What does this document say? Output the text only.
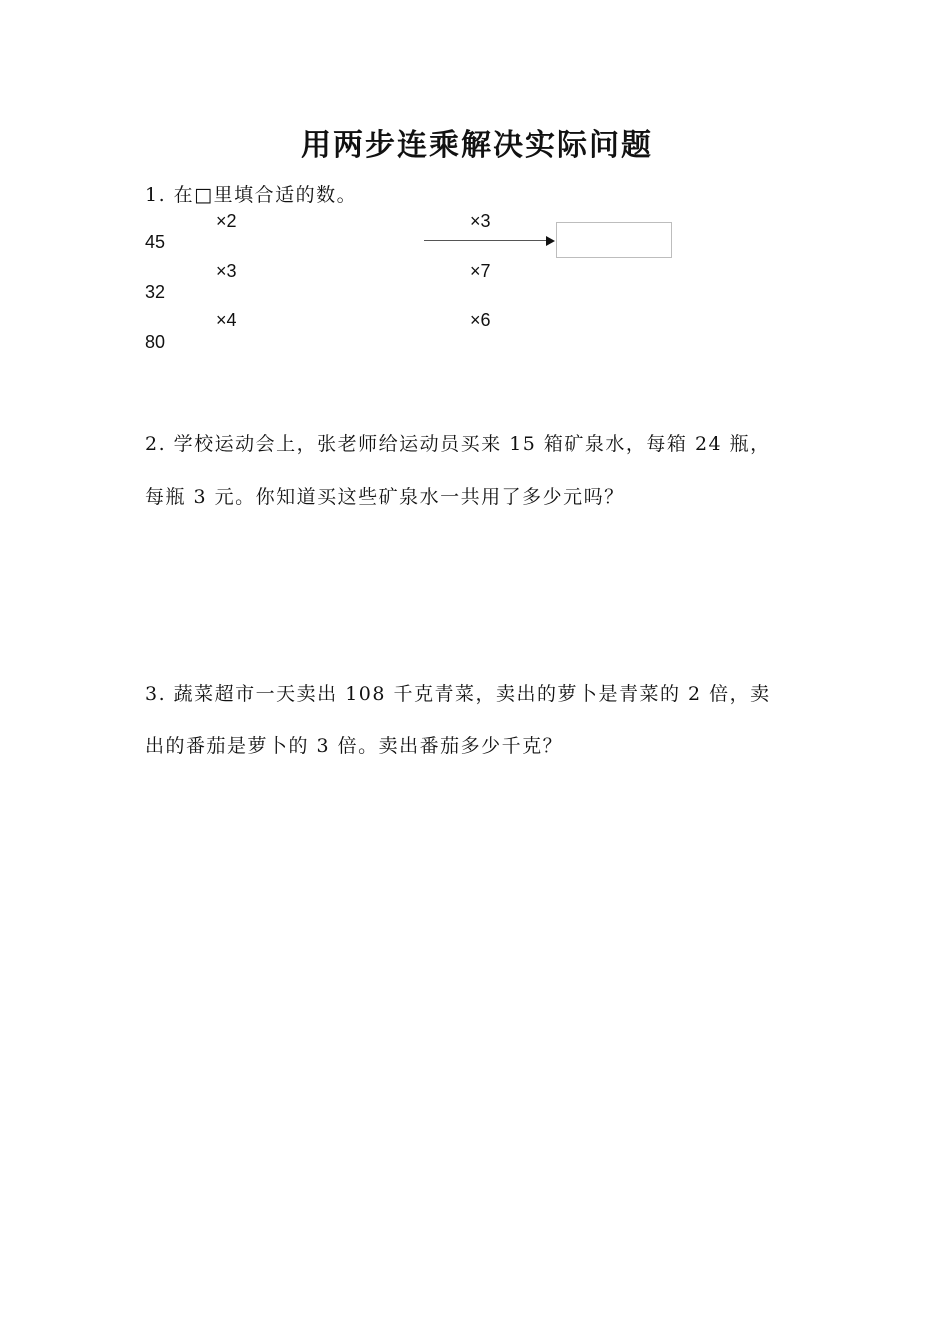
用两步连乘解决实际问题
1. 在□里填合适的数。
×2	×3
45
×3	×7
32
×4	×6
80
2. 学校运动会上，张老师给运动员买来 15 箱矿泉水，每箱 24 瓶，
每瓶 3 元。你知道买这些矿泉水一共用了多少元吗？
3. 蔬菜超市一天卖出 108 千克青菜，卖出的萝卜是青菜的 2 倍，卖
出的番茄是萝卜的 3 倍。卖出番茄多少千克？
